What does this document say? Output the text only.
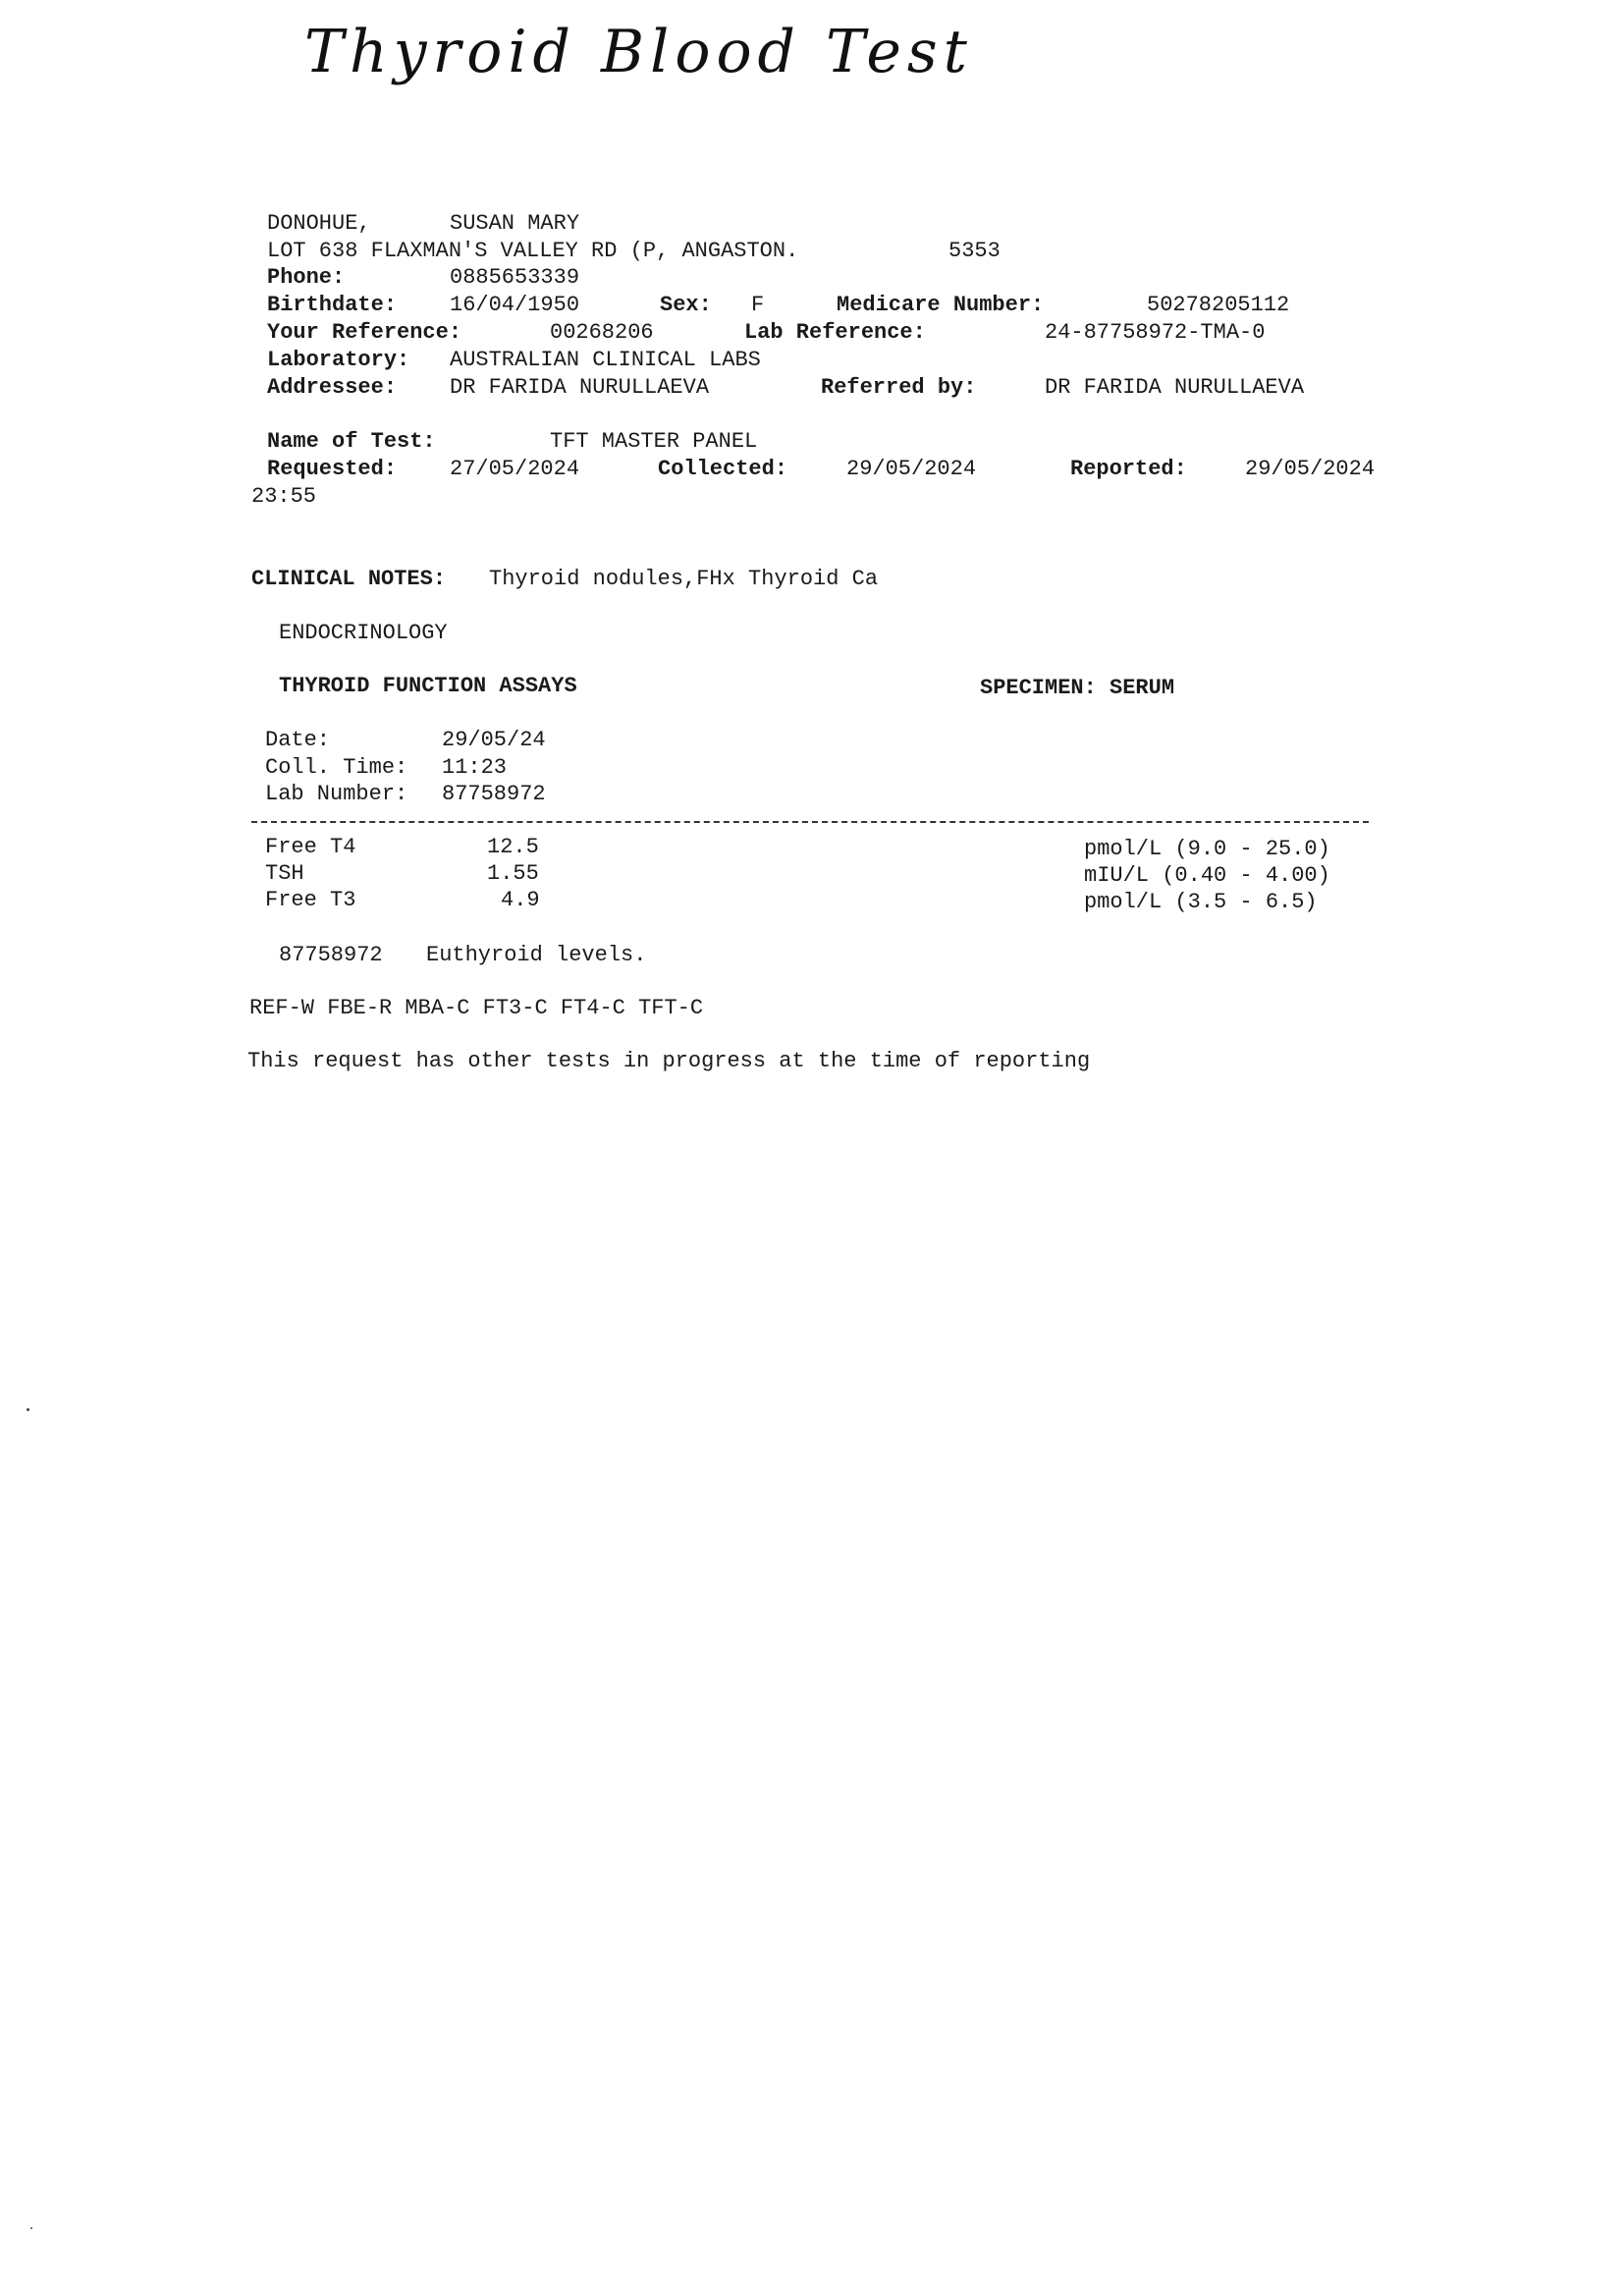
Thyroid Blood Test
DONOHUE,	SUSAN MARY
LOT 638 FLAXMAN'S VALLEY RD (P, ANGASTON.	5353
Phone:	0885653339
Birthdate: 16/04/1950	Sex: F	Medicare Number:	50278205112
Your Reference:	00268206	Lab Reference:	24-87758972-TMA-0
Laboratory: AUSTRALIAN CLINICAL LABS
Addressee: DR FARIDA NURULLAEVA	Referred by:	DR FARIDA NURULLAEVA
Name of Test:	TFT MASTER PANEL
Requested: 27/05/2024	Collected:	29/05/2024	Reported:	29/05/2024
23:55
CLINICAL NOTES: Thyroid nodules,FHx Thyroid Ca
ENDOCRINOLOGY
THYROID FUNCTION ASSAYS	SPECIMEN: SERUM
Date:	29/05/24
Coll. Time: 11:23
Lab Number: 87758972
Free T4	12.5	pmol/L (9.0 - 25.0)
TSH	1.55	mIU/L (0.40 - 4.00)
Free T3	4.9	pmol/L (3.5 - 6.5)
87758972 Euthyroid levels.
REF-W FBE-R MBA-C FT3-C FT4-C TFT-C
This request has other tests in progress at the time of reporting
